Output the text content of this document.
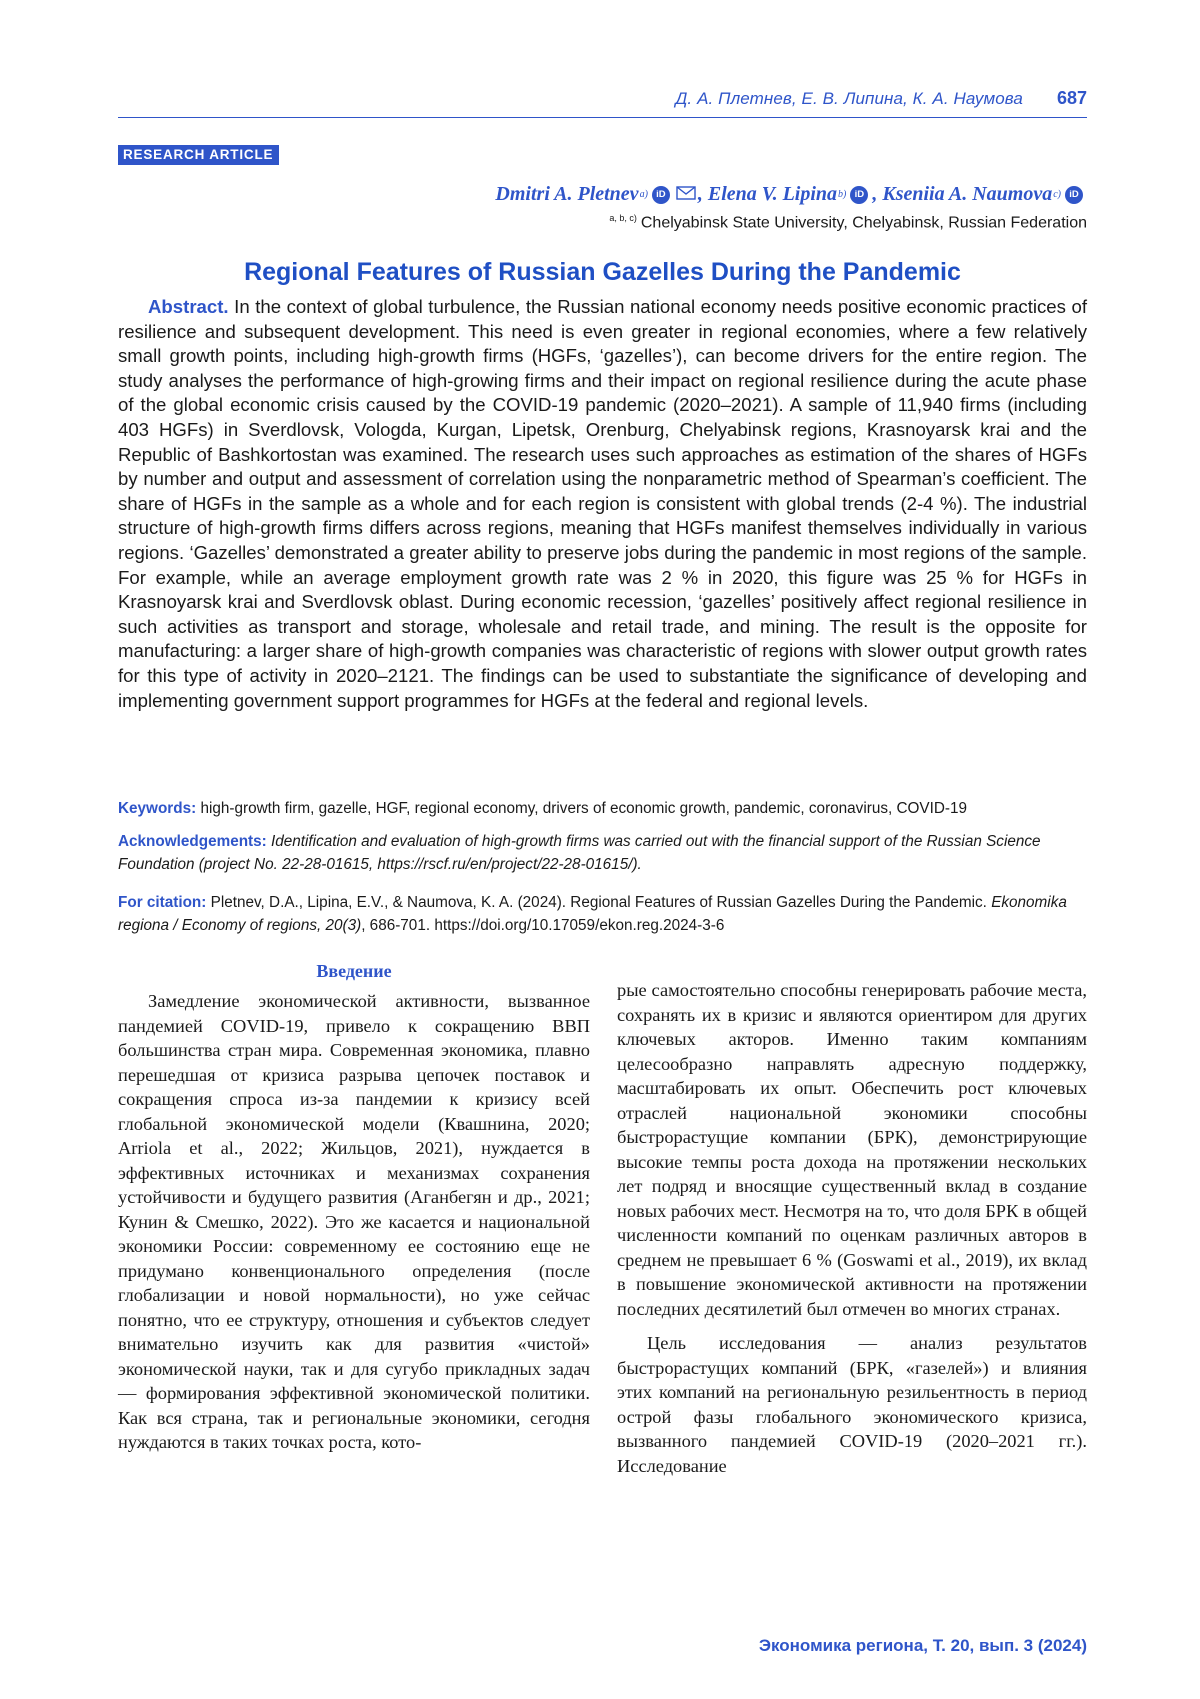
Д. А. Плетнев, Е. В. Липина, К. А. Наумова 687
RESEARCH ARTICLE
Dmitri A. Pletnev a) iD , Elena V. Lipina b) iD , Kseniia A. Naumova c) iD
$^{a, b, c)}$ Chelyabinsk State University, Chelyabinsk, Russian Federation
Regional Features of Russian Gazelles During the Pandemic
Abstract. In the context of global turbulence, the Russian national economy needs positive economic practices of resilience and subsequent development. This need is even greater in regional economies, where a few relatively small growth points, including high-growth firms (HGFs, ‘gazelles’), can become drivers for the entire region. The study analyses the performance of high-growing firms and their impact on regional resilience during the acute phase of the global economic crisis caused by the COVID-19 pandemic (2020–2021). A sample of 11,940 firms (including 403 HGFs) in Sverdlovsk, Vologda, Kurgan, Lipetsk, Orenburg, Chelyabinsk regions, Krasnoyarsk krai and the Republic of Bashkortostan was examined. The research uses such approaches as estimation of the shares of HGFs by number and output and assessment of correlation using the nonparametric method of Spearman’s coefficient. The share of HGFs in the sample as a whole and for each region is consistent with global trends (2-4 %). The industrial structure of high-growth firms differs across regions, meaning that HGFs manifest themselves individually in various regions. ‘Gazelles’ demonstrated a greater ability to preserve jobs during the pandemic in most regions of the sample. For example, while an average employment growth rate was 2 % in 2020, this figure was 25 % for HGFs in Krasnoyarsk krai and Sverdlovsk oblast. During economic recession, ‘gazelles’ positively affect regional resilience in such activities as transport and storage, wholesale and retail trade, and mining. The result is the opposite for manufacturing: a larger share of high-growth companies was characteristic of regions with slower output growth rates for this type of activity in 2020–2121. The findings can be used to substantiate the significance of developing and implementing government support programmes for HGFs at the federal and regional levels.
Keywords: high-growth firm, gazelle, HGF, regional economy, drivers of economic growth, pandemic, coronavirus, COVID-19
Acknowledgements: Identification and evaluation of high-growth firms was carried out with the financial support of the Russian Science Foundation (project No. 22-28-01615, https://rscf.ru/en/project/22-28-01615/).
For citation: Pletnev, D.A., Lipina, E.V., & Naumova, K. A. (2024). Regional Features of Russian Gazelles During the Pandemic. Ekonomika regiona / Economy of regions, 20(3), 686-701. https://doi.org/10.17059/ekon.reg.2024-3-6
Введение

Замедление экономической активности, вызванное пандемией COVID-19, привело к сокращению ВВП большинства стран мира. Современная экономика, плавно перешедшая от кризиса разрыва цепочек поставок и сокращения спроса из-за пандемии к кризису всей глобальной экономической модели (Квашнина, 2020; Arriola et al., 2022; Жильцов, 2021), нуждается в эффективных источниках и механизмах сохранения устойчивости и будущего развития (Аганбегян и др., 2021; Кунин & Смешко, 2022). Это же касается и национальной экономики России: современному ее состоянию еще не придумано конвенционального определения (после глобализации и новой нормальности), но уже сейчас понятно, что ее структуру, отношения и субъектов следует внимательно изучить как для развития «чистой» экономической науки, так и для сугубо прикладных задач — формирования эффективной экономической политики. Как вся страна, так и региональные экономики, сегодня нуждаются в таких точках роста, кото-

рые самостоятельно способны генерировать рабочие места, сохранять их в кризис и являются ориентиром для других ключевых акторов. Именно таким компаниям целесообразно направлять адресную поддержку, масштабировать их опыт. Обеспечить рост ключевых отраслей национальной экономики способны быстрорастущие компании (БРК), демонстрирующие высокие темпы роста дохода на протяжении нескольких лет подряд и вносящие существенный вклад в создание новых рабочих мест. Несмотря на то, что доля БРК в общей численности компаний по оценкам различных авторов в среднем не превышает 6 % (Goswami et al., 2019), их вклад в повышение экономической активности на протяжении последних десятилетий был отмечен во многих странах.

Цель исследования — анализ результатов быстрорастущих компаний (БРК, «газелей») и влияния этих компаний на региональную резильентность в период острой фазы глобального экономического кризиса, вызванного пандемией COVID-19 (2020–2021 гг.). Исследование

Экономика региона, Т. 20, вып. 3 (2024)
